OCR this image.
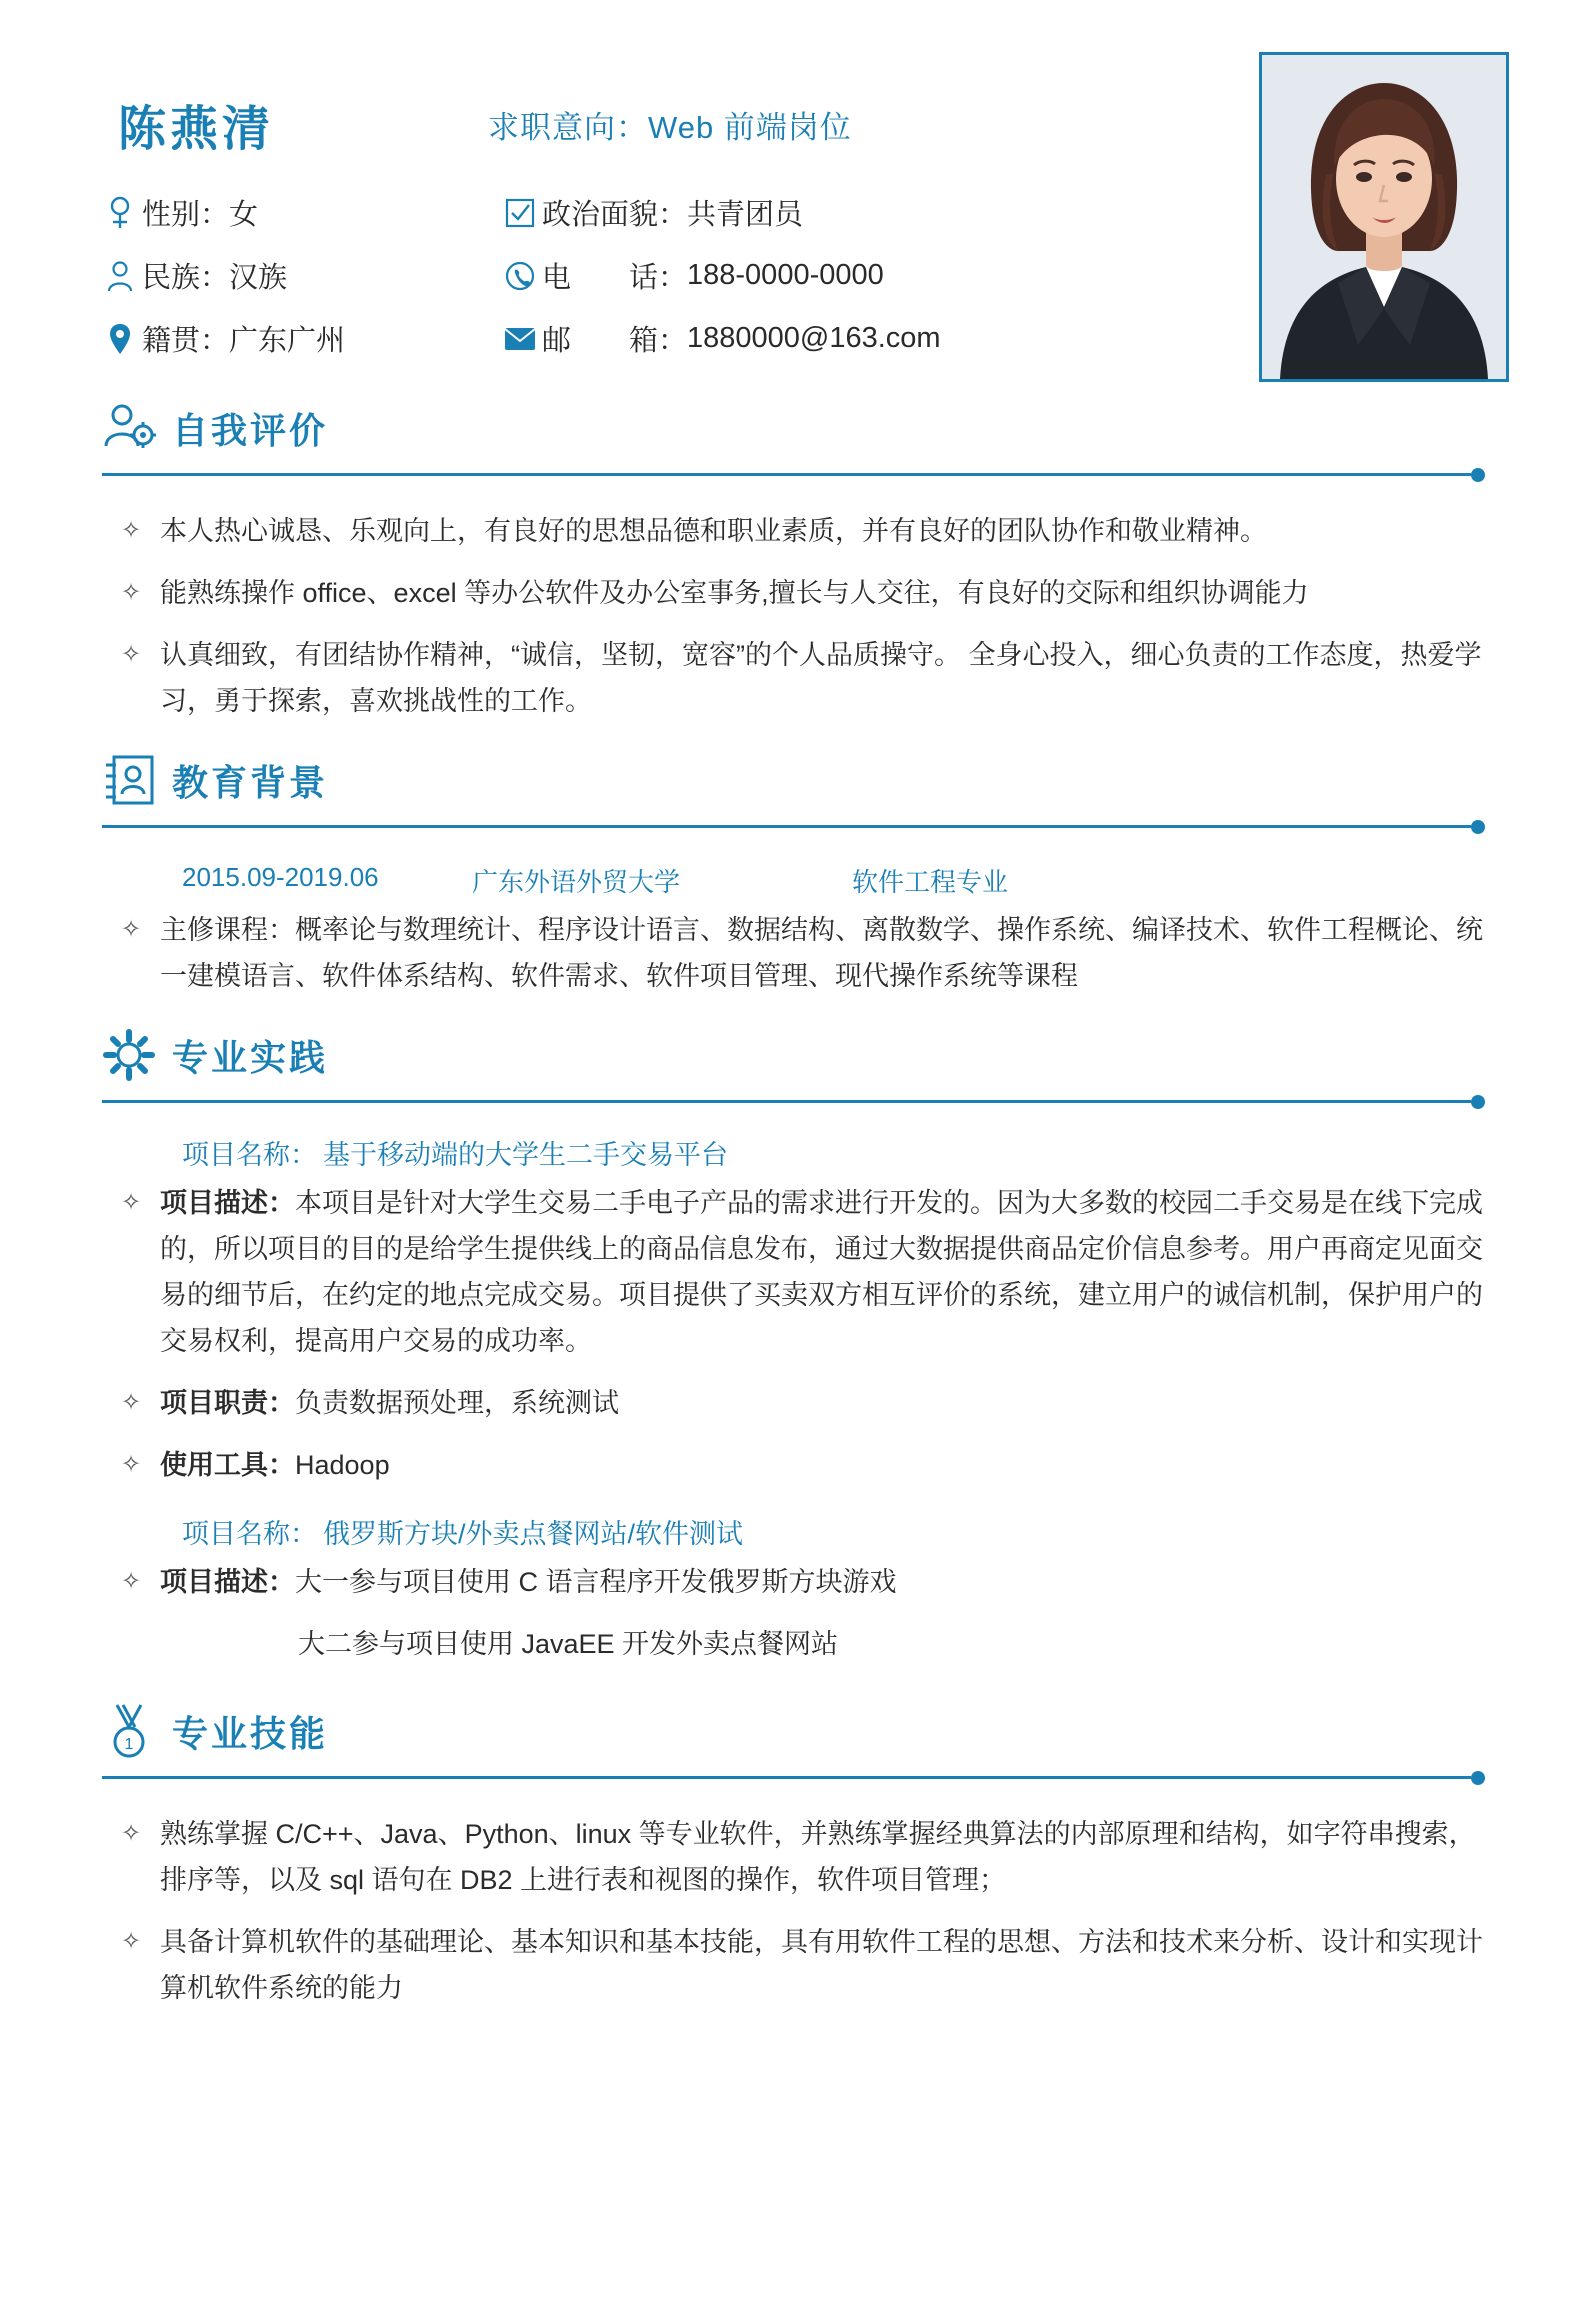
陈燕清	求职意向：Web 前端岗位
性别： 女	政治面貌： 共青团员
民族： 汉族	电　　话： 188-0000-0000
籍贯： 广东广州	邮　　箱： 1880000@163.com
自我评价
✧ 本人热心诚恳、乐观向上，有良好的思想品德和职业素质，并有良好的团队协作和敬业精神。
✧ 能熟练操作 office、excel 等办公软件及办公室事务,擅长与人交往，有良好的交际和组织协调能力
✧ 认真细致，有团结协作精神，“诚信，坚韧，宽容”的个人品质操守。 全身心投入，细心负责的工作态度，热爱学习，勇于探索，喜欢挑战性的工作。
教育背景
2015.09-2019.06	广东外语外贸大学	软件工程专业
✧ 主修课程：概率论与数理统计、程序设计语言、数据结构、离散数学、操作系统、编译技术、软件工程概论、统一建模语言、软件体系结构、软件需求、软件项目管理、现代操作系统等课程
专业实践
项目名称： 基于移动端的大学生二手交易平台
✧ 项目描述：本项目是针对大学生交易二手电子产品的需求进行开发的。因为大多数的校园二手交易是在线下完成的，所以项目的目的是给学生提供线上的商品信息发布，通过大数据提供商品定价信息参考。用户再商定见面交易的细节后，在约定的地点完成交易。项目提供了买卖双方相互评价的系统，建立用户的诚信机制，保护用户的交易权利，提高用户交易的成功率。
✧ 项目职责：负责数据预处理，系统测试
✧ 使用工具：Hadoop
项目名称： 俄罗斯方块/外卖点餐网站/软件测试
✧ 项目描述：大一参与项目使用 C 语言程序开发俄罗斯方块游戏
大二参与项目使用 JavaEE 开发外卖点餐网站
1 专业技能
✧ 熟练掌握 C/C++、Java、Python、linux 等专业软件，并熟练掌握经典算法的内部原理和结构，如字符串搜索，排序等，以及 sql 语句在 DB2 上进行表和视图的操作，软件项目管理；
✧ 具备计算机软件的基础理论、基本知识和基本技能，具有用软件工程的思想、方法和技术来分析、设计和实现计算机软件系统的能力
